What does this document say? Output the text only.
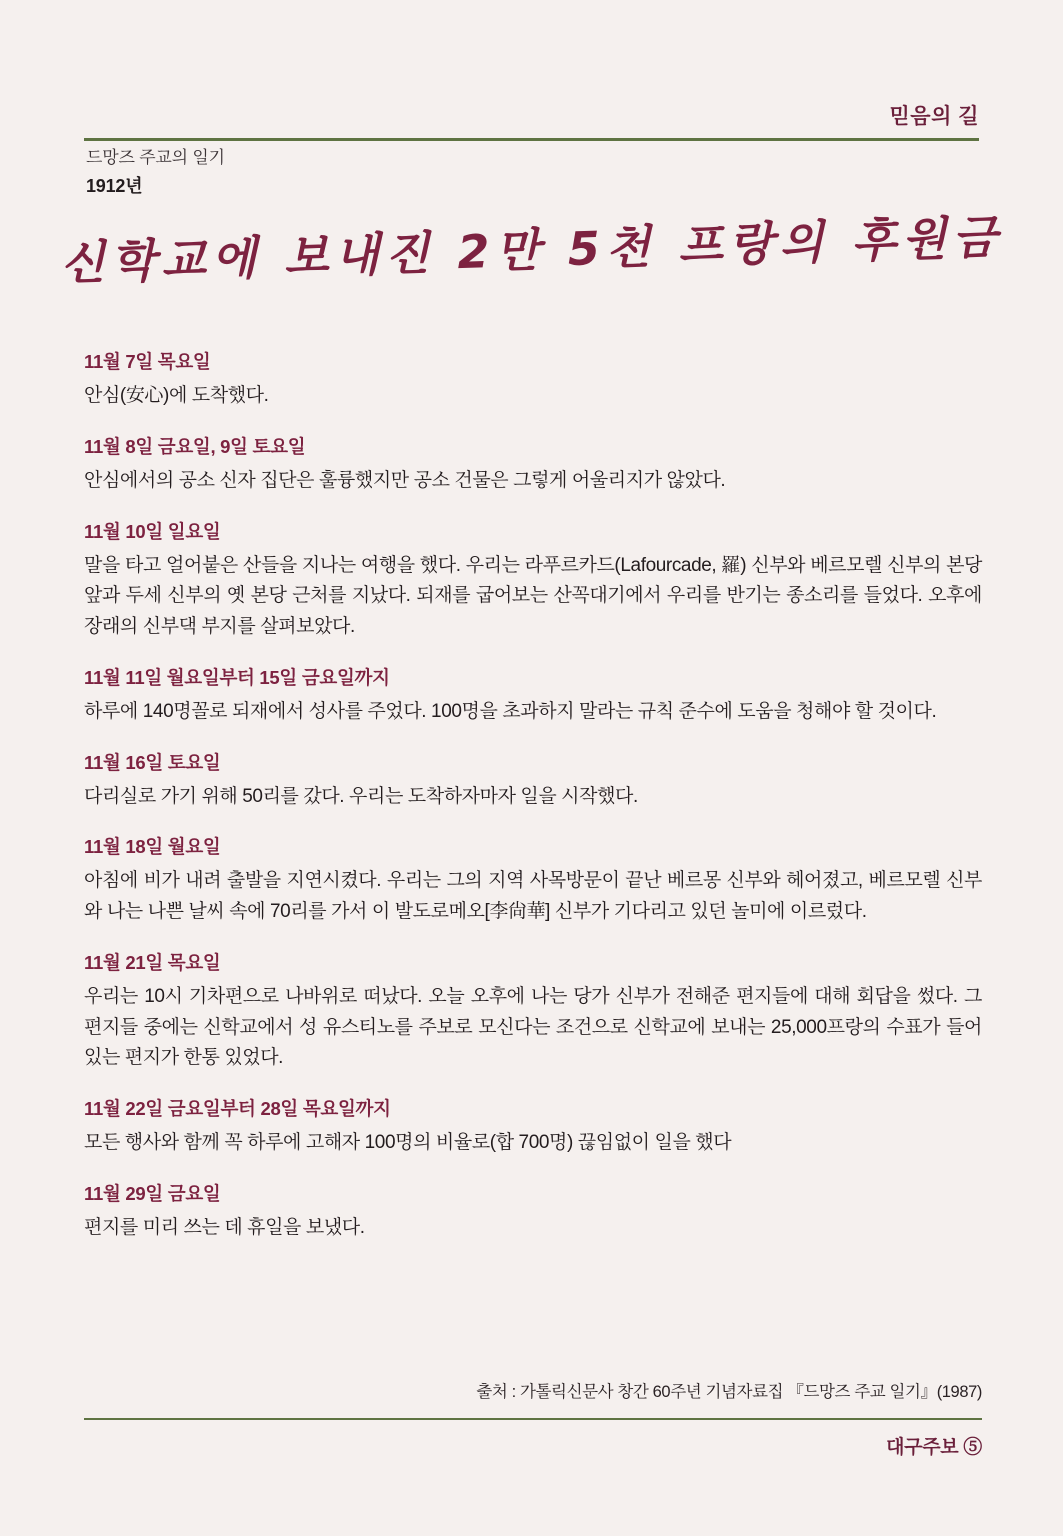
믿음의 길
드망즈 주교의 일기
1912년
신학교에 보내진 2만 5천 프랑의 후원금
11월 7일 목요일
안심(安心)에 도착했다.
11월 8일 금요일, 9일 토요일
안심에서의 공소 신자 집단은 훌륭했지만 공소 건물은 그렇게 어울리지가 않았다.
11월 10일 일요일
말을 타고 얼어붙은 산들을 지나는 여행을 했다. 우리는 라푸르카드(Lafourcade, 羅) 신부와 베르모렐 신부의 본당 앞과 두세 신부의 옛 본당 근처를 지났다. 되재를 굽어보는 산꼭대기에서 우리를 반기는 종소리를 들었다. 오후에 장래의 신부댁 부지를 살펴보았다.
11월 11일 월요일부터 15일 금요일까지
하루에 140명꼴로 되재에서 성사를 주었다. 100명을 초과하지 말라는 규칙 준수에 도움을 청해야 할 것이다.
11월 16일 토요일
다리실로 가기 위해 50리를 갔다. 우리는 도착하자마자 일을 시작했다.
11월 18일 월요일
아침에 비가 내려 출발을 지연시켰다. 우리는 그의 지역 사목방문이 끝난 베르몽 신부와 헤어졌고, 베르모렐 신부와 나는 나쁜 날씨 속에 70리를 가서 이 발도로메오[李尙華] 신부가 기다리고 있던 놀미에 이르렀다.
11월 21일 목요일
우리는 10시 기차편으로 나바위로 떠났다. 오늘 오후에 나는 당가 신부가 전해준 편지들에 대해 회답을 썼다. 그 편지들 중에는 신학교에서 성 유스티노를 주보로 모신다는 조건으로 신학교에 보내는 25,000프랑의 수표가 들어있는 편지가 한통 있었다.
11월 22일 금요일부터 28일 목요일까지
모든 행사와 함께 꼭 하루에 고해자 100명의 비율로(합 700명) 끊임없이 일을 했다
11월 29일 금요일
편지를 미리 쓰는 데 휴일을 보냈다.
출처 : 가톨릭신문사 창간 60주년 기념자료집 『드망즈 주교 일기』(1987)
대구주보 ⑤
